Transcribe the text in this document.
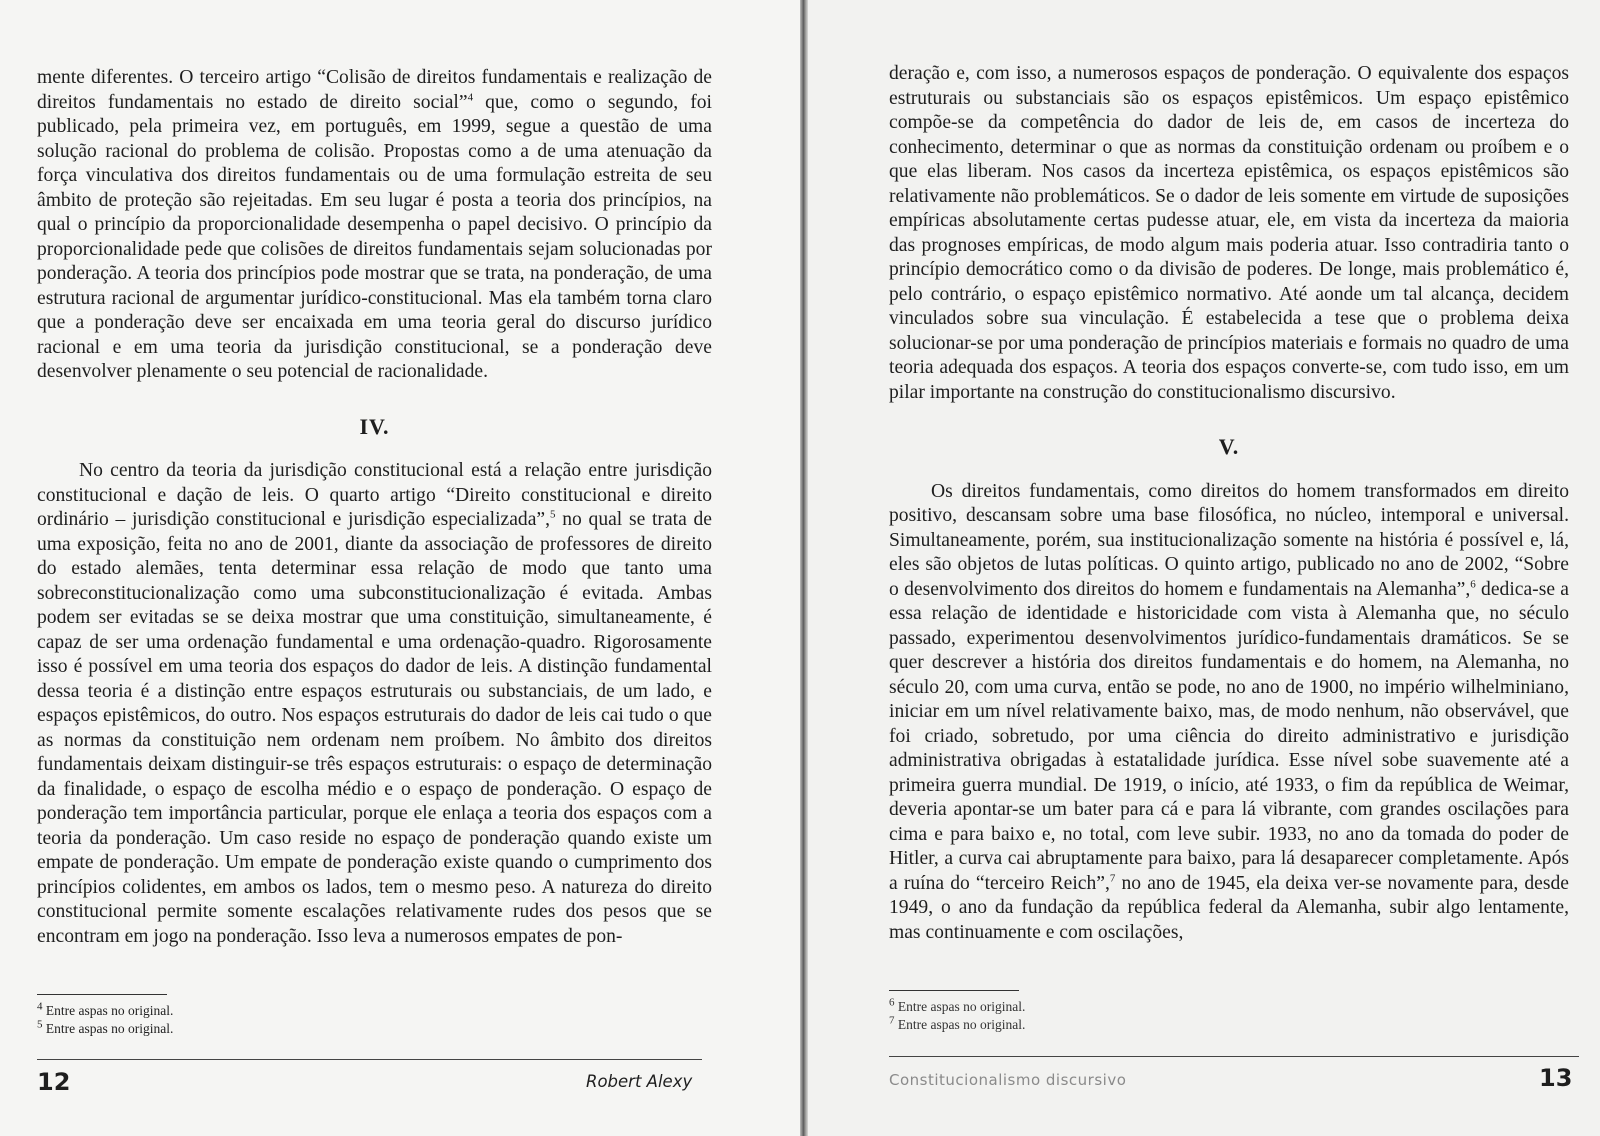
mente diferentes. O terceiro artigo “Colisão de direitos fundamentais e realização de direitos fundamentais no estado de direito social”$^4$ que, como o segundo, foi publicado, pela primeira vez, em português, em 1999, segue a questão de uma solução racional do problema de colisão. Propostas como a de uma atenuação da força vinculativa dos direitos fundamentais ou de uma formulação estreita de seu âmbito de proteção são rejeitadas. Em seu lugar é posta a teoria dos princípios, na qual o princípio da proporcionalidade desempenha o papel decisivo. O princípio da proporcionalidade pede que colisões de direitos fundamentais sejam solucionadas por ponderação. A teoria dos princípios pode mostrar que se trata, na ponderação, de uma estrutura racional de argumentar jurídico-constitucional. Mas ela também torna claro que a ponderação deve ser encaixada em uma teoria geral do discurso jurídico racional e em uma teoria da jurisdição constitucional, se a ponderação deve desenvolver plenamente o seu potencial de racionalidade.

IV.

No centro da teoria da jurisdição constitucional está a relação entre jurisdição constitucional e dação de leis. O quarto artigo “Direito constitucional e direito ordinário – jurisdição constitucional e jurisdição especializada”,$^5$ no qual se trata de uma exposição, feita no ano de 2001, diante da associação de professores de direito do estado alemães, tenta determinar essa relação de modo que tanto uma sobreconstitucionalização como uma subconstitucionalização é evitada. Ambas podem ser evitadas se se deixa mostrar que uma constituição, simultaneamente, é capaz de ser uma ordenação fundamental e uma ordenação-quadro. Rigorosamente isso é possível em uma teoria dos espaços do dador de leis. A distinção fundamental dessa teoria é a distinção entre espaços estruturais ou substanciais, de um lado, e espaços epistêmicos, do outro. Nos espaços estruturais do dador de leis cai tudo o que as normas da constituição nem ordenam nem proíbem. No âmbito dos direitos fundamentais deixam distinguir-se três espaços estruturais: o espaço de determinação da finalidade, o espaço de escolha médio e o espaço de ponderação. O espaço de ponderação tem importância particular, porque ele enlaça a teoria dos espaços com a teoria da ponderação. Um caso reside no espaço de ponderação quando existe um empate de ponderação. Um empate de ponderação existe quando o cumprimento dos princípios colidentes, em ambos os lados, tem o mesmo peso. A natureza do direito constitucional permite somente escalações relativamente rudes dos pesos que se encontram em jogo na ponderação. Isso leva a numerosos empates de pon-

$^4$ Entre aspas no original.
$^5$ Entre aspas no original.
12	Robert Alexy

deração e, com isso, a numerosos espaços de ponderação. O equivalente dos espaços estruturais ou substanciais são os espaços epistêmicos. Um espaço epistêmico compõe-se da competência do dador de leis de, em casos de incerteza do conhecimento, determinar o que as normas da constituição ordenam ou proíbem e o que elas liberam. Nos casos da incerteza epistêmica, os espaços epistêmicos são relativamente não problemáticos. Se o dador de leis somente em virtude de suposições empíricas absolutamente certas pudesse atuar, ele, em vista da incerteza da maioria das prognoses empíricas, de modo algum mais poderia atuar. Isso contradiria tanto o princípio democrático como o da divisão de poderes. De longe, mais problemático é, pelo contrário, o espaço epistêmico normativo. Até aonde um tal alcança, decidem vinculados sobre sua vinculação. É estabelecida a tese que o problema deixa solucionar-se por uma ponderação de princípios materiais e formais no quadro de uma teoria adequada dos espaços. A teoria dos espaços converte-se, com tudo isso, em um pilar importante na construção do constitucionalismo discursivo.

V.

Os direitos fundamentais, como direitos do homem transformados em direito positivo, descansam sobre uma base filosófica, no núcleo, intemporal e universal. Simultaneamente, porém, sua institucionalização somente na história é possível e, lá, eles são objetos de lutas políticas. O quinto artigo, publicado no ano de 2002, “Sobre o desenvolvimento dos direitos do homem e fundamentais na Alemanha”,$^6$ dedica-se a essa relação de identidade e historicidade com vista à Alemanha que, no século passado, experimentou desenvolvimentos jurídico-fundamentais dramáticos. Se se quer descrever a história dos direitos fundamentais e do homem, na Alemanha, no século 20, com uma curva, então se pode, no ano de 1900, no império wilhelminiano, iniciar em um nível relativamente baixo, mas, de modo nenhum, não observável, que foi criado, sobretudo, por uma ciência do direito administrativo e jurisdição administrativa obrigadas à estatalidade jurídica. Esse nível sobe suavemente até a primeira guerra mundial. De 1919, o início, até 1933, o fim da república de Weimar, deveria apontar-se um bater para cá e para lá vibrante, com grandes oscilações para cima e para baixo e, no total, com leve subir. 1933, no ano da tomada do poder de Hitler, a curva cai abruptamente para baixo, para lá desaparecer completamente. Após a ruína do “terceiro Reich”,$^7$ no ano de 1945, ela deixa ver-se novamente para, desde 1949, o ano da fundação da república federal da Alemanha, subir algo lentamente, mas continuamente e com oscilações,

$^6$ Entre aspas no original.
$^7$ Entre aspas no original.
Constitucionalismo discursivo	13
